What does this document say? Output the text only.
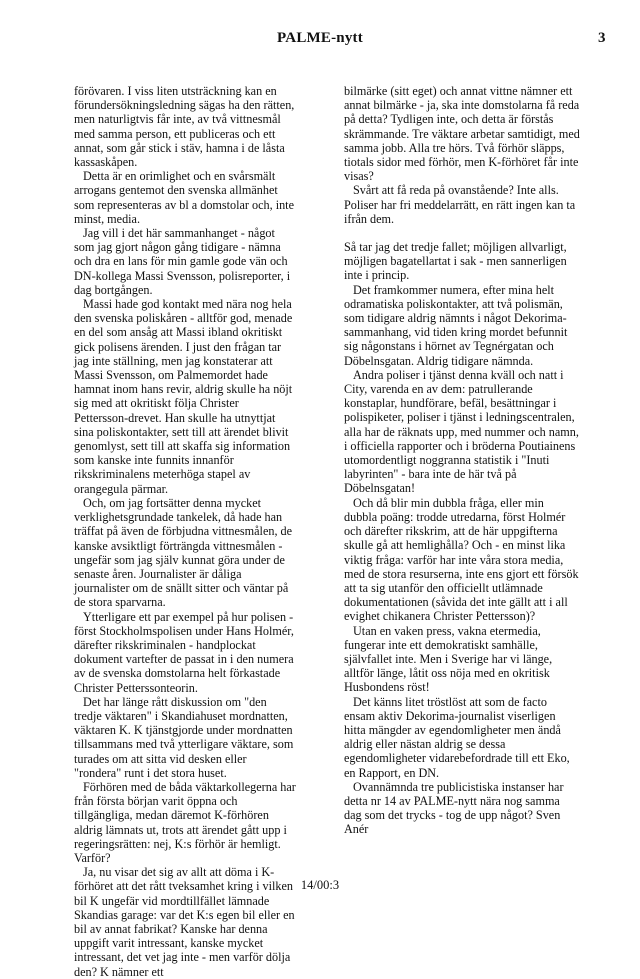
PALME-nytt	3

förövaren. I viss liten utsträckning kan en förundersökningsledning sägas ha den rätten, men naturligtvis får inte, av två vittnesmål med samma person, ett publiceras och ett annat, som går stick i stäv, hamna i de låsta kassaskåpen.

Detta är en orimlighet och en svårsmält arrogans gentemot den svenska allmänhet som representeras av bl a domstolar och, inte minst, media.

Jag vill i det här sammanhanget - något som jag gjort någon gång tidigare - nämna och dra en lans för min gamle gode vän och DN-kollega Massi Svensson, polisreporter, i dag bortgången.

Massi hade god kontakt med nära nog hela den svenska poliskåren - alltför god, menade en del som ansåg att Massi ibland okritiskt gick polisens ärenden. I just den frågan tar jag inte ställning, men jag konstaterar att Massi Svensson, om Palmemordet hade hamnat inom hans revir, aldrig skulle ha nöjt sig med att okritiskt följa Christer Pettersson-drevet. Han skulle ha utnyttjat sina poliskontakter, sett till att ärendet blivit genomlyst, sett till att skaffa sig information som kanske inte funnits innanför rikskriminalens meterhöga stapel av orangegula pärmar.

Och, om jag fortsätter denna mycket verklighetsgrundade tankelek, då hade han träffat på även de förbjudna vittnesmålen, de kanske avsiktligt förträngda vittnesmålen - ungefär som jag själv kunnat göra under de senaste åren. Journalister är dåliga journalister om de snällt sitter och väntar på de stora sparvarna.

Ytterligare ett par exempel på hur polisen - först Stockholmspolisen under Hans Holmér, därefter rikskriminalen - handplockat dokument vartefter de passat in i den numera av de svenska domstolarna helt förkastade Christer Petterssonteorin.

Det har länge rått diskussion om "den tredje väktaren" i Skandiahuset mordnatten, väktaren K. K tjänstgjorde under mordnatten tillsammans med två ytterligare väktare, som turades om att sitta vid desken eller "rondera" runt i det stora huset.

Förhören med de båda väktarkollegerna har från första början varit öppna och tillgängliga, medan däremot K-förhören aldrig lämnats ut, trots att ärendet gått upp i regeringsrätten: nej, K:s förhör är hemligt. Varför?

Ja, nu visar det sig av allt att döma i K-förhöret att det rått tveksamhet kring i vilken bil K ungefär vid mordtillfället lämnade Skandias garage: var det K:s egen bil eller en bil av annat fabrikat? Kanske har denna uppgift varit intressant, kanske mycket intressant, det vet jag inte - men varför dölja den? K nämner ett

bilmärke (sitt eget) och annat vittne nämner ett annat bilmärke - ja, ska inte domstolarna få reda på detta? Tydligen inte, och detta är förstås skrämmande. Tre väktare arbetar samtidigt, med samma jobb. Alla tre hörs. Två förhör släpps, tiotals sidor med förhör, men K-förhöret får inte visas?

Svårt att få reda på ovanstående? Inte alls. Poliser har fri meddelarrätt, en rätt ingen kan ta ifrån dem.

Så tar jag det tredje fallet; möjligen allvarligt, möjligen bagatellartat i sak - men sannerligen inte i princip.

Det framkommer numera, efter mina helt odramatiska poliskontakter, att två polismän, som tidigare aldrig nämnts i något Dekorima-sammanhang, vid tiden kring mordet befunnit sig någonstans i hörnet av Tegnérgatan och Döbelnsgatan. Aldrig tidigare nämnda.

Andra poliser i tjänst denna kväll och natt i City, varenda en av dem: patrullerande konstaplar, hundförare, befäl, besättningar i polispiketer, poliser i tjänst i ledningscentralen, alla har de räknats upp, med nummer och namn, i officiella rapporter och i bröderna Poutiainens utomordentligt noggranna statistik i "Inuti labyrinten" - bara inte de här två på Döbelnsgatan!

Och då blir min dubbla fråga, eller min dubbla poäng: trodde utredarna, först Holmér och därefter rikskrim, att de här uppgifterna skulle gå att hemlighålla? Och - en minst lika viktig fråga: varför har inte våra stora media, med de stora resurserna, inte ens gjort ett försök att ta sig utanför den officiellt utlämnade dokumentationen (såvida det inte gällt att i all evighet chikanera Christer Pettersson)?

Utan en vaken press, vakna etermedia, fungerar inte ett demokratiskt samhälle, självfallet inte. Men i Sverige har vi länge, alltför länge, låtit oss nöja med en okritisk Husbondens röst!

Det känns litet tröstlöst att som de facto ensam aktiv Dekorima-journalist viserligen hitta mängder av egendomligheter men ändå aldrig eller nästan aldrig se dessa egendomligheter vidarebefordrade till ett Eko, en Rapport, en DN.

Ovannämnda tre publicistiska instanser har detta nr 14 av PALME-nytt nära nog samma dag som det trycks - tog de upp något? Sven Anér

14/00:3
